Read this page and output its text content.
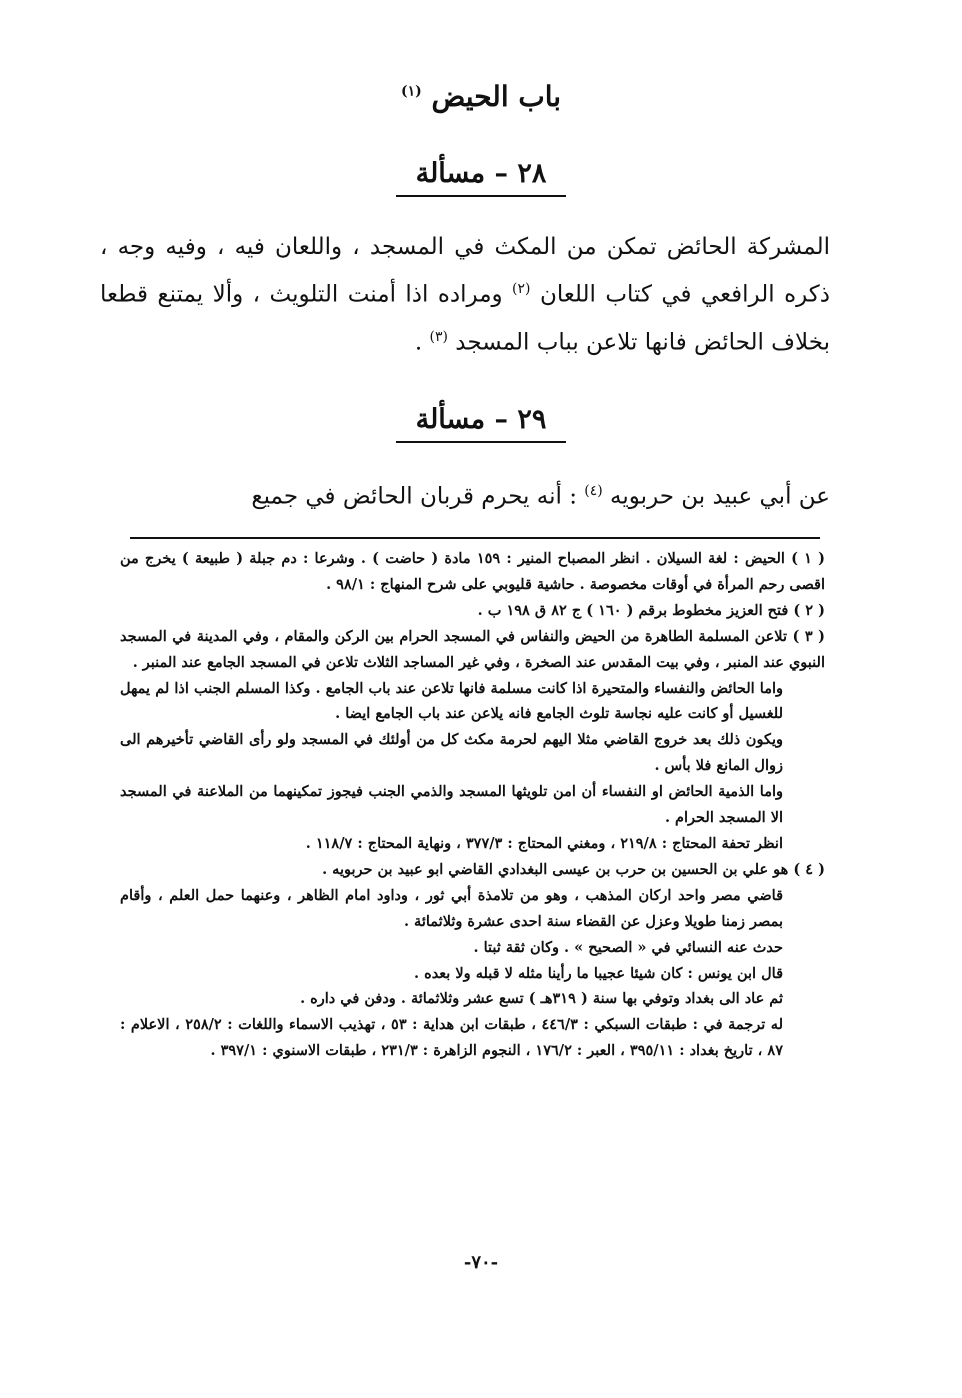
باب الحيض $^{(١)}$
٢٨ – مسألة
المشركة الحائض تمكن من المكث في المسجد ، واللعان فيه ، وفيه وجه ، ذكره الرافعي في كتاب اللعان $^{(٢)}$ ومراده اذا أمنت التلويث ، وألا يمتنع قطعا بخلاف الحائض فانها تلاعن بباب المسجد $^{(٣)}$ .
٢٩ – مسألة
عن أبي عبيد بن حربويه $^{(٤)}$ : أنه يحرم قربان الحائض في جميع

( ١ ) الحيض : لغة السيلان . انظر المصباح المنير : ١٥٩ مادة ( حاضت ) . وشرعا : دم جبلة ( طبيعة ) يخرج من اقصى رحم المرأة في أوقات مخصوصة . حاشية قليوبي على شرح المنهاج : ٩٨/١ .

( ٢ ) فتح العزيز مخطوط برقم ( ١٦٠ ) ج ٨٢ ق ١٩٨ ب .

( ٣ ) تلاعن المسلمة الطاهرة من الحيض والنفاس في المسجد الحرام بين الركن والمقام ، وفي المدينة في المسجد النبوي عند المنبر ، وفي بيت المقدس عند الصخرة ، وفي غير المساجد الثلاث تلاعن في المسجد الجامع عند المنبر .

واما الحائض والنفساء والمتحيرة اذا كانت مسلمة فانها تلاعن عند باب الجامع . وكذا المسلم الجنب اذا لم يمهل للغسيل أو كانت عليه نجاسة تلوث الجامع فانه يلاعن عند باب الجامع ايضا .

ويكون ذلك بعد خروج القاضي مثلا اليهم لحرمة مكث كل من أولئك في المسجد ولو رأى القاضي تأخيرهم الى زوال المانع فلا بأس .

واما الذمية الحائض او النفساء أن امن تلويثها المسجد والذمي الجنب فيجوز تمكينهما من الملاعنة في المسجد الا المسجد الحرام .

انظر تحفة المحتاج : ٢١٩/٨ ، ومغني المحتاج : ٣٧٧/٣ ، ونهاية المحتاج : ١١٨/٧ .

( ٤ ) هو علي بن الحسين بن حرب بن عيسى البغدادي القاضي ابو عبيد بن حربويه .

قاضي مصر واحد اركان المذهب ، وهو من تلامذة أبي ثور ، وداود امام الظاهر ، وعنهما حمل العلم ، وأقام بمصر زمنا طويلا وعزل عن القضاء سنة احدى عشرة وثلاثمائة .

حدث عنه النسائي في « الصحيح » . وكان ثقة ثبتا .

قال ابن يونس : كان شيئا عجيبا ما رأينا مثله لا قبله ولا بعده .

ثم عاد الى بغداد وتوفي بها سنة ( ٣١٩هـ ) تسع عشر وثلاثمائة . ودفن في داره .

له ترجمة في : طبقات السبكي : ٤٤٦/٣ ، طبقات ابن هداية : ٥٣ ، تهذيب الاسماء واللغات : ٢٥٨/٢ ، الاعلام : ٨٧ ، تاريخ بغداد : ٣٩٥/١١ ، العبر : ١٧٦/٢ ، النجوم الزاهرة : ٢٣١/٣ ، طبقات الاسنوي : ٣٩٧/١ .

-٧٠-
